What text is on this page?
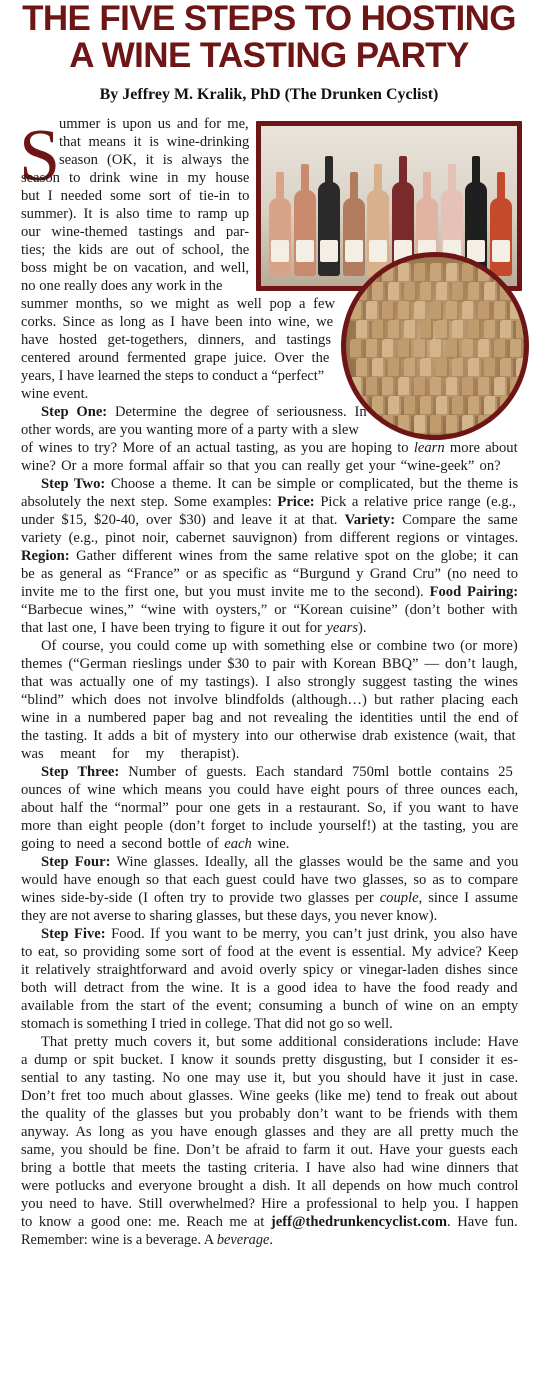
THE FIVE STEPS TO HOSTING
A WINE TASTING PARTY
By Jeffrey M. Kralik, PhD (The Drunken Cyclist)
S
ummer is upon us and for me,
that means it is wine-drinking
season (OK, it is always the
season to drink wine in my house
but I needed some sort of tie-in to
summer). It is also time to ramp up
our wine-themed tastings and par-
ties; the kids are out of school, the
boss might be on vacation, and well,
no one really does any work in the
summer months, so we might as well pop a few
corks. Since as long as I have been into wine, we
have hosted get-togethers, dinners, and tastings
centered around fermented grape juice. Over the
years, I have learned the steps to conduct a “perfect”
wine event.
Step One: Determine the degree of seriousness. In
other words, are you wanting more of a party with a slew
of wines to try? More of an actual tasting, as you are hoping to learn more about
wine? Or a more formal affair so that you can really get your “wine-geek” on?
Step Two: Choose a theme. It can be simple or complicated, but the theme is
absolutely the next step. Some examples: Price: Pick a relative price range (e.g.,
under $15, $20-40, over $30) and leave it at that. Variety: Compare the same
variety (e.g., pinot noir, cabernet sauvignon) from different regions or vintages.
Region: Gather different wines from the same relative spot on the globe; it can
be as general as “France” or as specific as “Burgund y Grand Cru” (no need to
invite me to the first one, but you must invite me to the second). Food Pairing:
“Barbecue wines,” “wine with oysters,” or “Korean cuisine” (don’t bother with
that last one, I have been trying to figure it out for years).
Of course, you could come up with something else or combine two (or more)
themes (“German rieslings under $30 to pair with Korean BBQ” — don’t laugh,
that was actually one of my tastings). I also strongly suggest tasting the wines
“blind” which does not involve blindfolds (although…) but rather placing each
wine in a numbered paper bag and not revealing the identities until the end of
the tasting. It adds a bit of mystery into our otherwise drab existence (wait, that
was meant for my therapist).
Step Three: Number of guests. Each standard 750ml bottle contains 25
ounces of wine which means you could have eight pours of three ounces each,
about half the “normal” pour one gets in a restaurant. So, if you want to have
more than eight people (don’t forget to include yourself!) at the tasting, you are
going to need a second bottle of each wine.
Step Four: Wine glasses. Ideally, all the glasses would be the same and you
would have enough so that each guest could have two glasses, so as to compare
wines side-by-side (I often try to provide two glasses per couple, since I assume
they are not averse to sharing glasses, but these days, you never know).
Step Five: Food. If you want to be merry, you can’t just drink, you also have
to eat, so providing some sort of food at the event is essential. My advice? Keep
it relatively straightforward and avoid overly spicy or vinegar-laden dishes since
both will detract from the wine. It is a good idea to have the food ready and
available from the start of the event; consuming a bunch of wine on an empty
stomach is something I tried in college. That did not go so well.
That pretty much covers it, but some additional considerations include: Have
a dump or spit bucket. I know it sounds pretty disgusting, but I consider it es-
sential to any tasting. No one may use it, but you should have it just in case.
Don’t fret too much about glasses. Wine geeks (like me) tend to freak out about
the quality of the glasses but you probably don’t want to be friends with them
anyway. As long as you have enough glasses and they are all pretty much the
same, you should be fine. Don’t be afraid to farm it out. Have your guests each
bring a bottle that meets the tasting criteria. I have also had wine dinners that
were potlucks and everyone brought a dish. It all depends on how much control
you need to have. Still overwhelmed? Hire a professional to help you. I happen
to know a good one: me. Reach me at jeff@thedrunkencyclist.com. Have fun.
Remember: wine is a beverage. A beverage.
